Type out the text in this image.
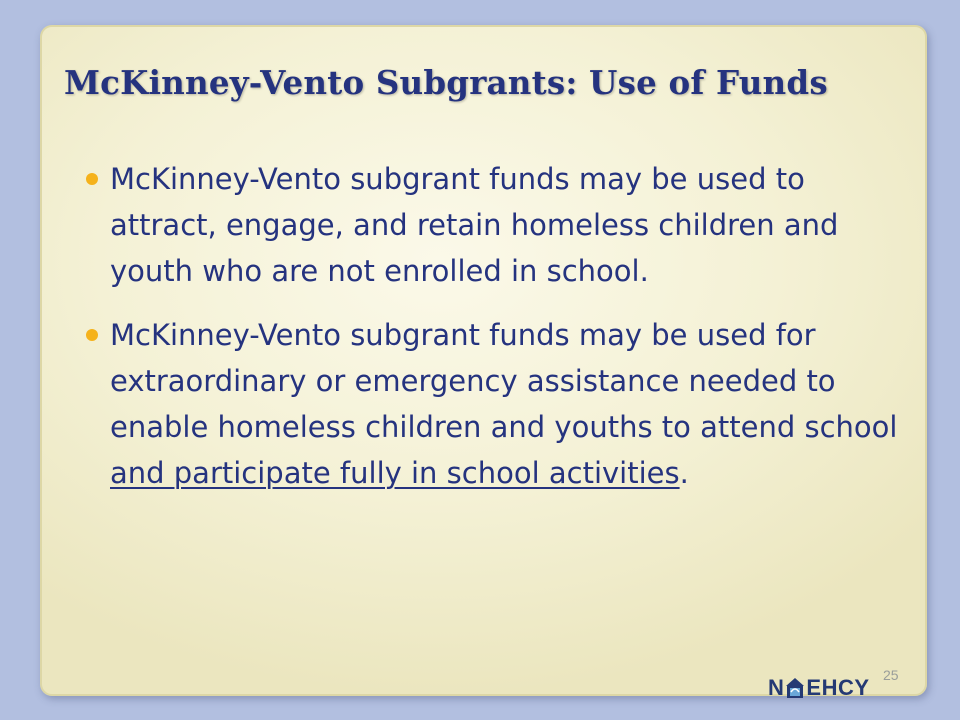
McKinney-Vento Subgrants: Use of Funds
McKinney-Vento subgrant funds may be used to attract, engage, and retain homeless children and youth who are not enrolled in school.
McKinney-Vento subgrant funds may be used for extraordinary or emergency assistance needed to enable homeless children and youths to attend school and participate fully in school activities.
25
N EHCY
